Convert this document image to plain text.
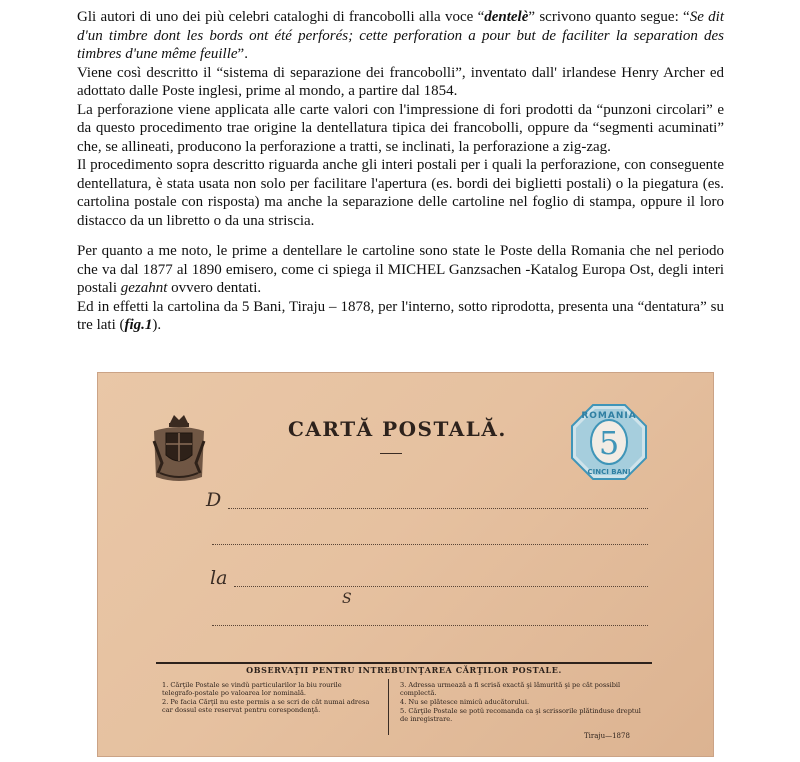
Gli autori di uno dei più celebri cataloghi di francobolli alla voce “dentelè” scrivono quanto segue: “Se dit d'un timbre dont les bords ont été perforés; cette perforation a pour but de faciliter la separation des timbres d'une même feuille”.

Viene così descritto il “sistema di separazione dei francobolli”, inventato dall' irlandese Henry Archer ed adottato dalle Poste inglesi, prime al mondo, a partire dal 1854.

La perforazione viene applicata alle carte valori con l'impressione di fori prodotti da “punzoni circolari” e da questo procedimento trae origine la dentellatura tipica dei francobolli, oppure da “segmenti acuminati” che, se allineati, producono la perforazione a tratti, se inclinati, la perforazione a zig-zag.

Il procedimento sopra descritto riguarda anche gli interi postali per i quali la perforazione, con conseguente dentellatura, è stata usata non solo per facilitare l'apertura (es. bordi dei biglietti postali) o la piegatura (es. cartolina postale con risposta) ma anche la separazione delle cartoline nel foglio di stampa, oppure il loro distacco da un libretto o da una striscia.

Per quanto a me noto, le prime a dentellare le cartoline sono state le Poste della Romania che nel periodo che va dal 1877 al 1890 emisero, come ci spiega il MICHEL Ganzsachen -Katalog Europa Ost, degli interi postali gezahnt ovvero dentati.

Ed in effetti la cartolina da 5 Bani, Tiraju – 1878, per l'interno, sotto riprodotta, presenta una “dentatura” su tre lati (fig.1).

CARTĂ POSTALĂ.	5
ROMANIA
CINCI BANI
D
la
S
OBSERVAŢII PENTRU INTREBUINŢAREA CĂRŢILOR POSTALE.
1. Cărţile Postale se vindŭ particularilor la biu rourile telegrafo-postale po valoarea lor nominală.
2. Pe facia Cărţil nu este permis a se scri de căt numai adresa car dossul este reservat pentru corespondenţă.
3. Adressa urmează a fi scrisă exactă şi lămurită şi pe căt possibil complectă.
4. Nu se plătesce nimicŭ aducătorului.
5. Cărţile Postale se potŭ recomanda ca şi scrissorile plătinduse dreptul de inregistrare.
Tiraju—1878
